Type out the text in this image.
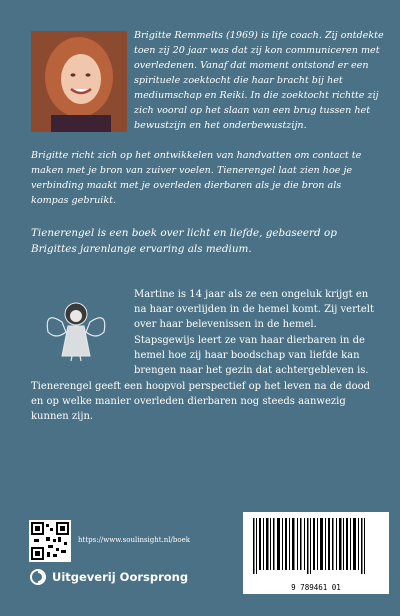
Brigitte Remmelts (1969) is life coach. Zij ontdekte toen zij 20 jaar was dat zij kon communiceren met overledenen. Vanaf dat moment ontstond er een spirituele zoektocht die haar bracht bij het mediumschap en Reiki. In die zoektocht richtte zij zich vooral op het slaan van een brug tussen het bewustzijn en het onderbewustzijn.

Brigitte richt zich op het ontwikkelen van handvatten om contact te maken met je bron van zuiver voelen. Tienerengel laat zien hoe je verbinding maakt met je overleden dierbaren als je die bron als kompas gebruikt.

Tienerengel is een boek over licht en liefde, gebaseerd op Brigittes jarenlange ervaring als medium.

Martine is 14 jaar als ze een ongeluk krijgt en na haar overlijden in de hemel komt. Zij vertelt over haar belevenissen in de hemel. Stapsgewijs leert ze van haar dierbaren in de hemel hoe zij haar boodschap van liefde kan brengen naar het gezin dat achtergebleven is.

Tienerengel geeft een hoopvol perspectief op het leven na de dood en op welke manier overleden dierbaren nog steeds aanwezig kunnen zijn.

https://www.soulinsight.nl/boek

Uitgeverij Oorsprong
9 789461 01
